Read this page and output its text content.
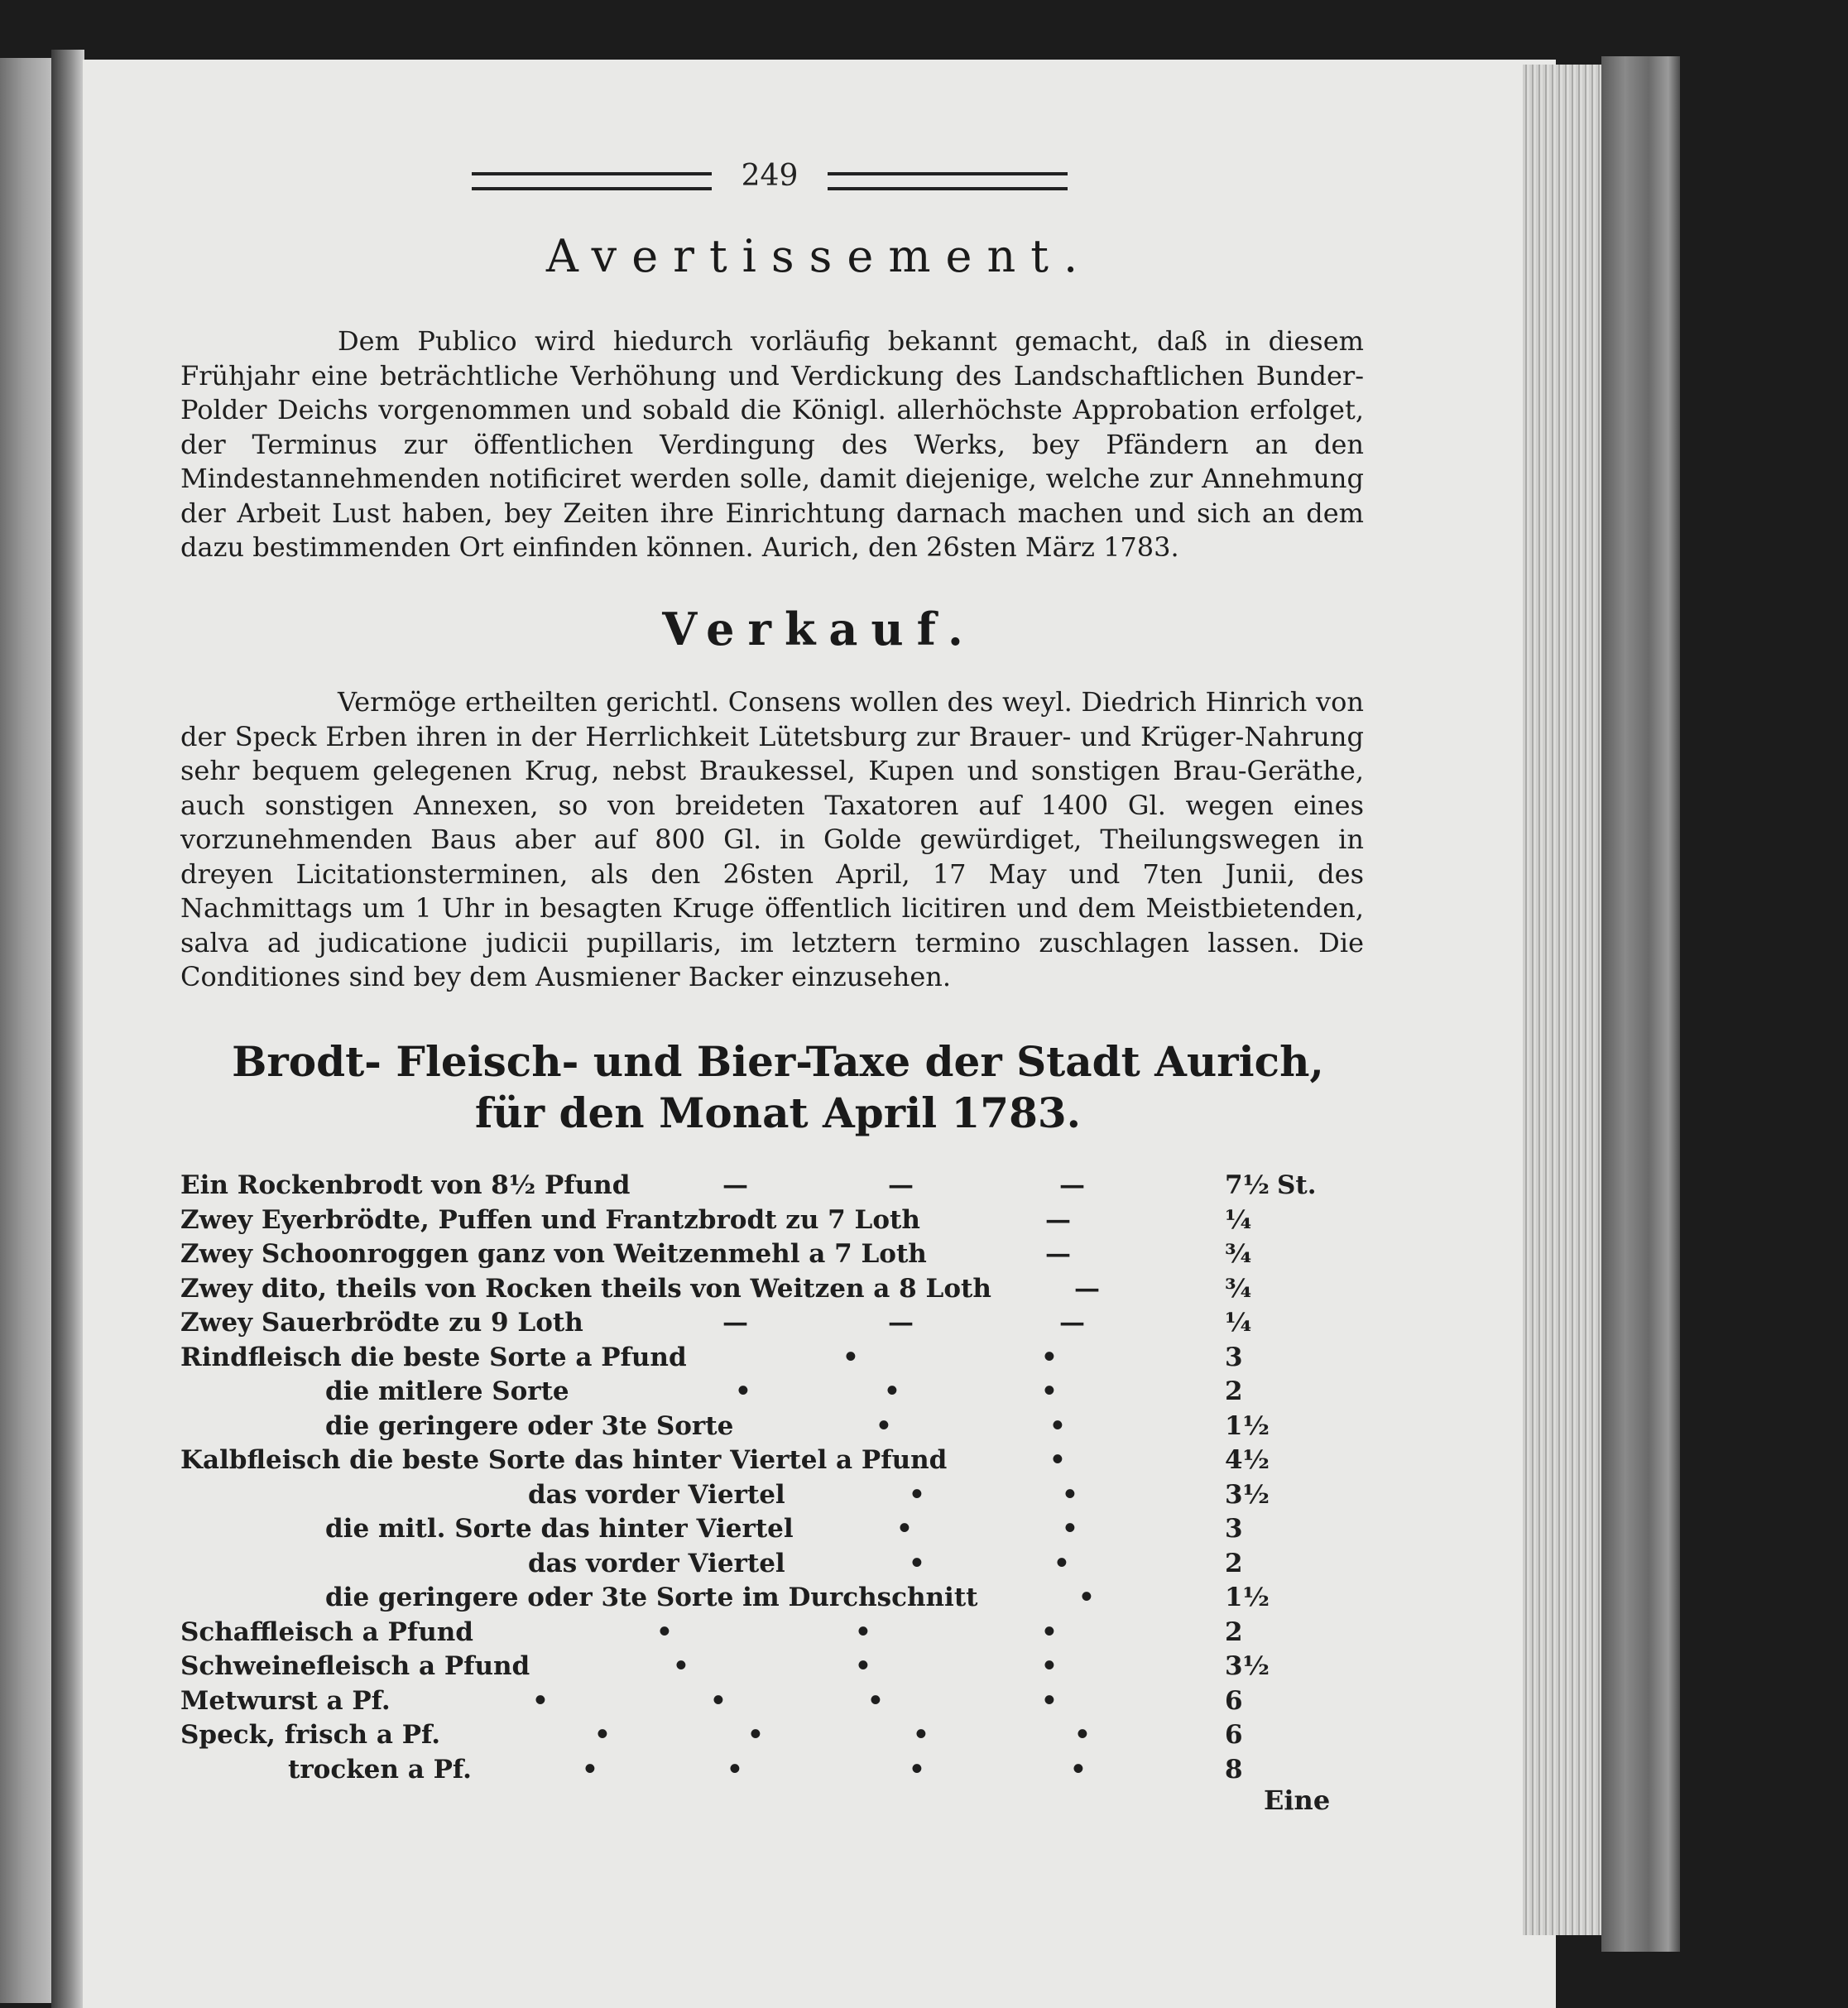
249
Avertissement.
Dem Publico wird hiedurch vorläufig bekannt gemacht, daß in diesem Frühjahr eine beträchtliche Verhöhung und Verdickung des Landschaftlichen Bunder-Polder Deichs vorgenommen und sobald die Königl. allerhöchste Approbation erfolget, der Terminus zur öffentlichen Verdingung des Werks, bey Pfändern an den Mindestannehmenden notificiret werden solle, damit diejenige, welche zur Annehmung der Arbeit Lust haben, bey Zeiten ihre Einrichtung darnach machen und sich an dem dazu bestimmenden Ort einfinden können. Aurich, den 26sten März 1783.
Verkauf.
Vermöge ertheilten gerichtl. Consens wollen des weyl. Diedrich Hinrich von der Speck Erben ihren in der Herrlichkeit Lütetsburg zur Brauer- und Krüger-Nahrung sehr bequem gelegenen Krug, nebst Braukessel, Kupen und sonstigen Brau-Geräthe, auch sonstigen Annexen, so von breideten Taxatoren auf 1400 Gl. wegen eines vorzunehmenden Baus aber auf 800 Gl. in Golde gewürdiget, Theilungswegen in dreyen Licitationsterminen, als den 26sten April, 17 May und 7ten Junii, des Nachmittags um 1 Uhr in besagten Kruge öffentlich licitiren und dem Meistbietenden, salva ad judicatione judicii pupillaris, im letztern termino zuschlagen lassen. Die Conditiones sind bey dem Ausmiener Backer einzusehen.
Brodt- Fleisch- und Bier-Taxe der Stadt Aurich,
für den Monat April 1783.
Ein Rockenbrodt von 8½ Pfund	—	—	—	7½ St.
Zwey Eyerbrödte, Puffen und Frantzbrodt zu 7 Loth	—	¼
Zwey Schoonroggen ganz von Weitzenmehl a 7 Loth	—	¾
Zwey dito, theils von Rocken theils von Weitzen a 8 Loth	—	¾
Zwey Sauerbrödte zu 9 Loth	—	—	—	¼
Rindfleisch die beste Sorte a Pfund	•	•	3
die mitlere Sorte	•	•	•	2
die geringere oder 3te Sorte	•	•	1½
Kalbfleisch die beste Sorte das hinter Viertel a Pfund	•	4½
das vorder Viertel	•	•	3½
die mitl. Sorte das hinter Viertel	•	•	3
das vorder Viertel	•	•	2
die geringere oder 3te Sorte im Durchschnitt	•	1½
Schaffleisch a Pfund	•	•	•	2
Schweinefleisch a Pfund	•	•	•	3½
Metwurst a Pf.	•	•	•	•	6
Speck, frisch a Pf.	•	•	•	•	6
trocken a Pf.	•	•	•	•	8
Eine
